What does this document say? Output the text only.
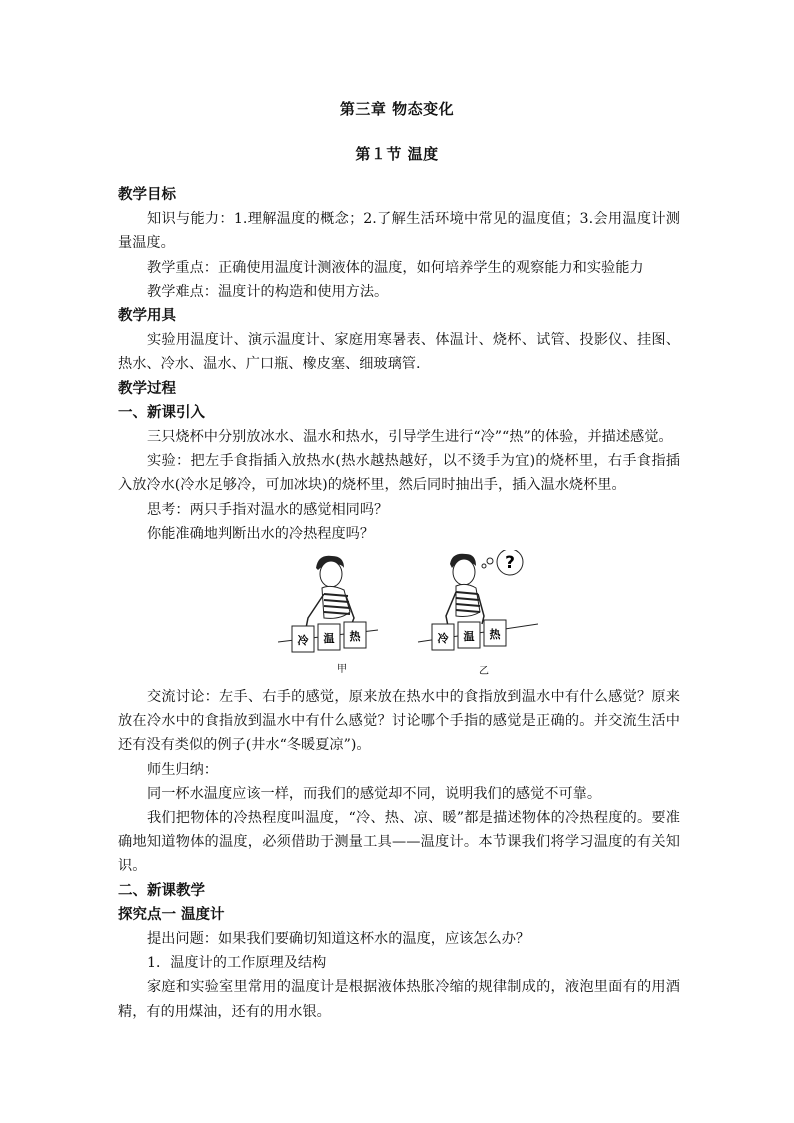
第三章 物态变化
第１节 温度
教学目标
知识与能力：1.理解温度的概念；2.了解生活环境中常见的温度值；3.会用温度计测量温度。
教学重点：正确使用温度计测液体的温度，如何培养学生的观察能力和实验能力
教学难点：温度计的构造和使用方法。
教学用具
实验用温度计、演示温度计、家庭用寒暑表、体温计、烧杯、试管、投影仪、挂图、热水、冷水、温水、广口瓶、橡皮塞、细玻璃管.
教学过程
一、新课引入
三只烧杯中分别放冰水、温水和热水，引导学生进行“冷”“热”的体验，并描述感觉。
实验：把左手食指插入放热水(热水越热越好，以不烫手为宜)的烧杯里，右手食指插入放冷水(冷水足够冷，可加冰块)的烧杯里，然后同时抽出手，插入温水烧杯里。
思考：两只手指对温水的感觉相同吗？
你能准确地判断出水的冷热程度吗？
冷 温 热
?
冷 温 热
甲	乙
交流讨论：左手、右手的感觉，原来放在热水中的食指放到温水中有什么感觉？原来放在冷水中的食指放到温水中有什么感觉？讨论哪个手指的感觉是正确的。并交流生活中还有没有类似的例子(井水“冬暖夏凉”)。
师生归纳：
同一杯水温度应该一样，而我们的感觉却不同，说明我们的感觉不可靠。
我们把物体的冷热程度叫温度，“冷、热、凉、暖”都是描述物体的冷热程度的。要准确地知道物体的温度，必须借助于测量工具——温度计。本节课我们将学习温度的有关知识。
二、新课教学
探究点一 温度计
提出问题：如果我们要确切知道这杯水的温度，应该怎么办？
1．温度计的工作原理及结构
家庭和实验室里常用的温度计是根据液体热胀冷缩的规律制成的，液泡里面有的用酒精，有的用煤油，还有的用水银。
